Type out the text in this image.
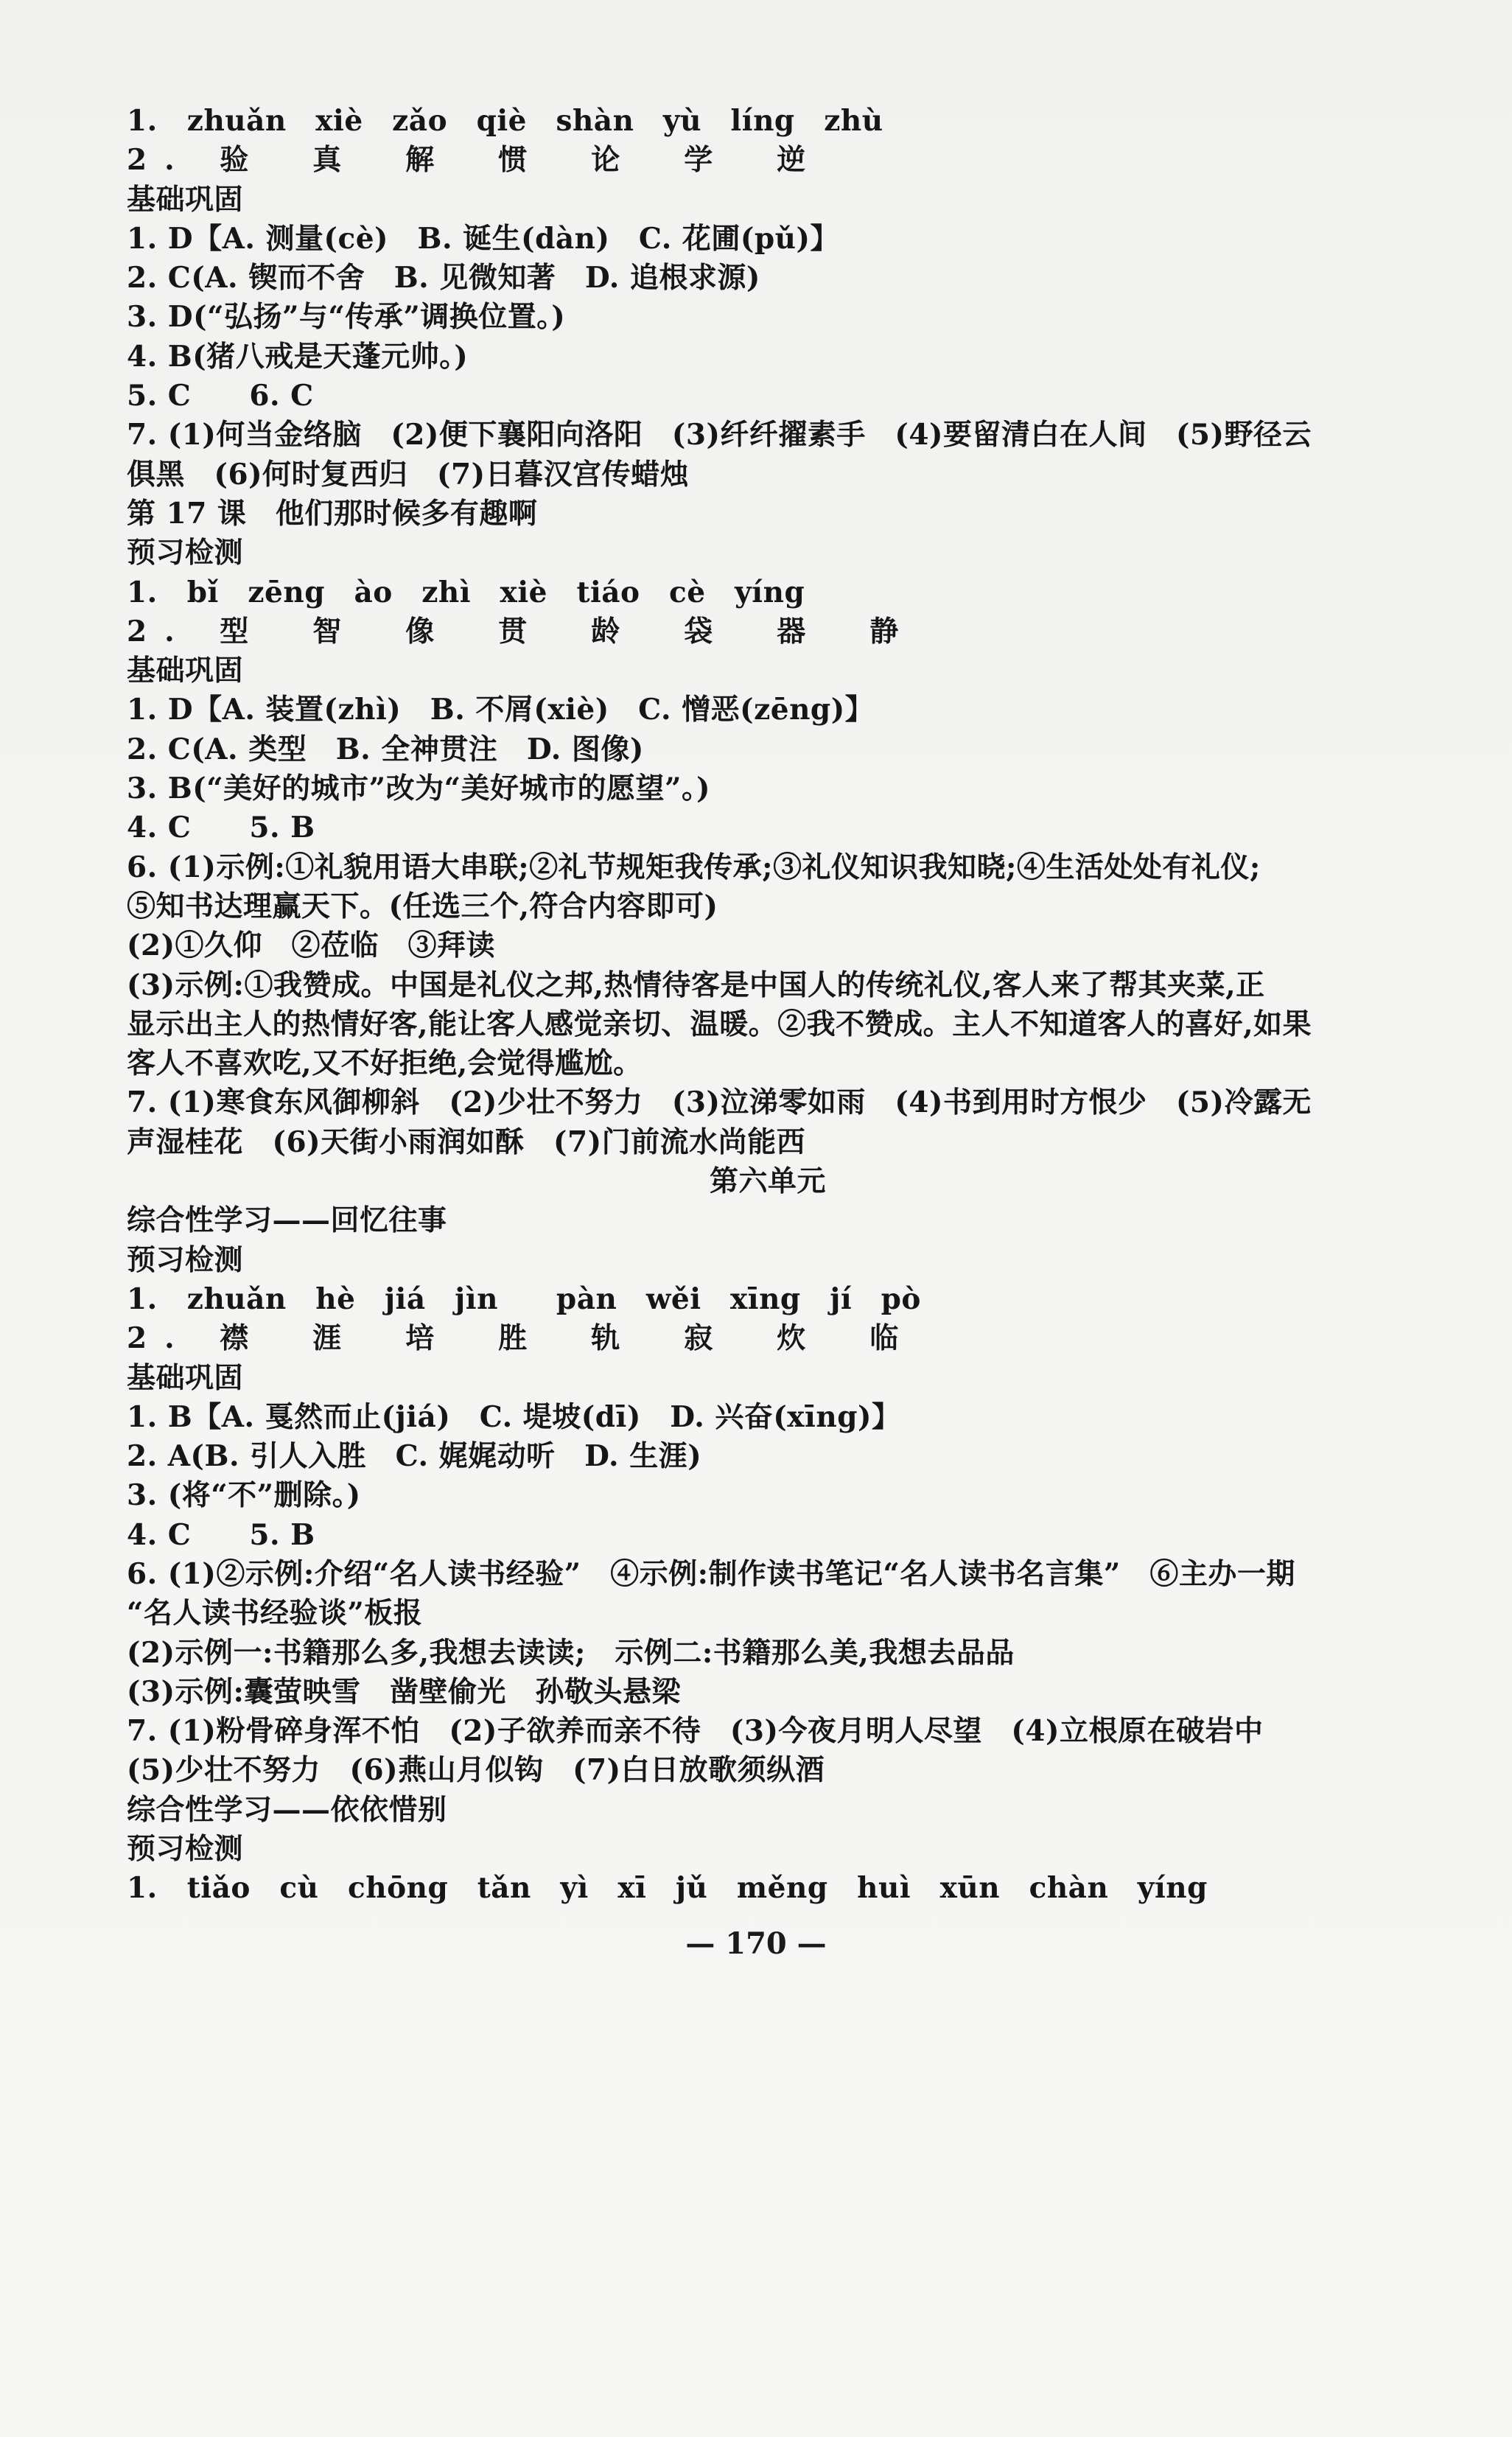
1. zhuǎn　xiè　zǎo　qiè　shàn　yù　líng　zhù
2. 验　真　解　惯　论　学　逆
基础巩固
1. D【A. 测量(cè)　B. 诞生(dàn)　C. 花圃(pǔ)】
2. C(A. 锲而不舍　B. 见微知著　D. 追根求源)
3. D(“弘扬”与“传承”调换位置。)
4. B(猪八戒是天蓬元帅。)
5. C　　6. C
7. (1)何当金络脑　(2)便下襄阳向洛阳　(3)纤纤擢素手　(4)要留清白在人间　(5)野径云
俱黑　(6)何时复西归　(7)日暮汉宫传蜡烛
第 17 课　他们那时候多有趣啊
预习检测
1. bǐ　zēng　ào　zhì　xiè　tiáo　cè　yíng
2. 型　智　像　贯　龄　袋　器　静
基础巩固
1. D【A. 装置(zhì)　B. 不屑(xiè)　C. 憎恶(zēng)】
2. C(A. 类型　B. 全神贯注　D. 图像)
3. B(“美好的城市”改为“美好城市的愿望”。)
4. C　　5. B
6. (1)示例:①礼貌用语大串联;②礼节规矩我传承;③礼仪知识我知晓;④生活处处有礼仪;
⑤知书达理赢天下。(任选三个,符合内容即可)
(2)①久仰　②莅临　③拜读
(3)示例:①我赞成。中国是礼仪之邦,热情待客是中国人的传统礼仪,客人来了帮其夹菜,正
显示出主人的热情好客,能让客人感觉亲切、温暖。②我不赞成。主人不知道客人的喜好,如果
客人不喜欢吃,又不好拒绝,会觉得尴尬。
7. (1)寒食东风御柳斜　(2)少壮不努力　(3)泣涕零如雨　(4)书到用时方恨少　(5)冷露无
声湿桂花　(6)天街小雨润如酥　(7)门前流水尚能西
第六单元
综合性学习——回忆往事
预习检测
1. zhuǎn　hè　jiá　jìn　　pàn　wěi　xīng　jí　pò
2. 襟　涯　培　胜　轨　寂　炊　临
基础巩固
1. B【A. 戛然而止(jiá)　C. 堤坡(dī)　D. 兴奋(xīng)】
2. A(B. 引人入胜　C. 娓娓动听　D. 生涯)
3. (将“不”删除。)
4. C　　5. B
6. (1)②示例:介绍“名人读书经验”　④示例:制作读书笔记“名人读书名言集”　⑥主办一期
“名人读书经验谈”板报
(2)示例一:书籍那么多,我想去读读;　示例二:书籍那么美,我想去品品
(3)示例:囊萤映雪　凿壁偷光　孙敬头悬梁
7. (1)粉骨碎身浑不怕　(2)子欲养而亲不待　(3)今夜月明人尽望　(4)立根原在破岩中
(5)少壮不努力　(6)燕山月似钩　(7)白日放歌须纵酒
综合性学习——依依惜别
预习检测
1. tiǎo　cù　chōng　tǎn　yì　xī　jǔ　měng　huì　xūn　chàn　yíng
— 170 —
